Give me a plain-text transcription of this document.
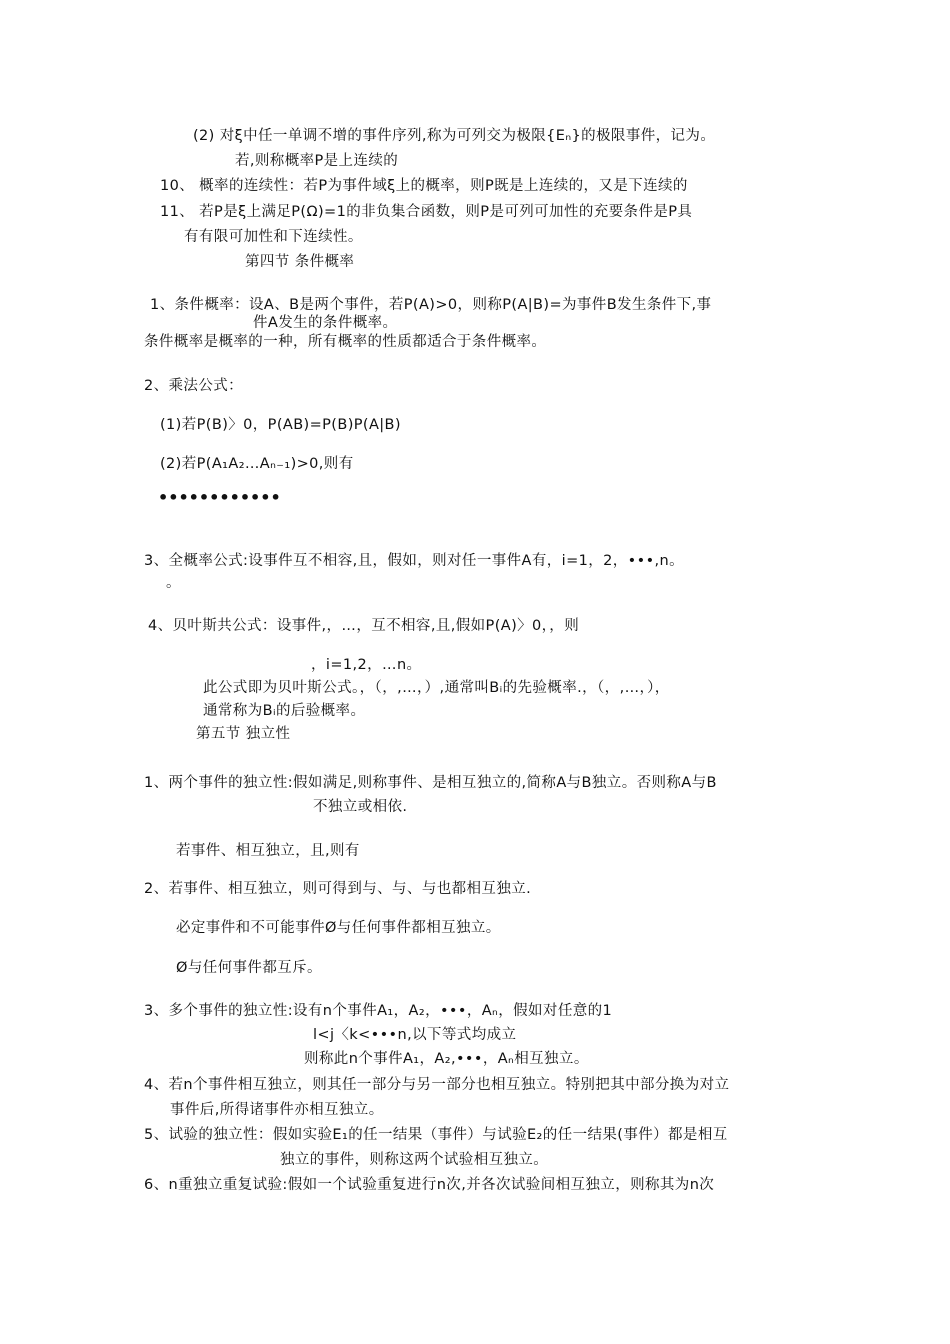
(2) 对ξ中任一单调不增的事件序列,称为可列交为极限{Eₙ}的极限事件，记为。
若,则称概率P是上连续的
10、 概率的连续性：若P为事件域ξ上的概率，则P既是上连续的，又是下连续的
11、 若P是ξ上满足P(Ω)=1的非负集合函数，则P是可列可加性的充要条件是P具
有有限可加性和下连续性。
第四节 条件概率
1、条件概率：设A、B是两个事件，若P(A)>0，则称P(A|B)=为事件B发生条件下,事
件A发生的条件概率。
条件概率是概率的一种，所有概率的性质都适合于条件概率。
2、乘法公式：
(1)若P(B)〉0，P(AB)=P(B)P(A|B)
(2)若P(A₁A₂…Aₙ₋₁)>0,则有
••••••••••••
3、全概率公式:设事件互不相容,且，假如，则对任一事件A有，i=1，2，•••,n。
。
4、贝叶斯共公式：设事件,，…，互不相容,且,假如P(A)〉0，，则
，i=1,2，…n。
此公式即为贝叶斯公式。，（，,…，）,通常叫Bᵢ的先验概率.，（，,…，），
通常称为Bᵢ的后验概率。
第五节 独立性
1、两个事件的独立性:假如满足,则称事件、是相互独立的,简称A与B独立。否则称A与B
不独立或相依.
若事件、相互独立，且,则有
2、若事件、相互独立，则可得到与、与、与也都相互独立.
必定事件和不可能事件Ø与任何事件都相互独立。
Ø与任何事件都互斥。
3、多个事件的独立性:设有n个事件A₁，A₂，•••，Aₙ，假如对任意的1
l<j〈k<•••n,以下等式均成立
则称此n个事件A₁，A₂,•••，Aₙ相互独立。
4、若n个事件相互独立，则其任一部分与另一部分也相互独立。特别把其中部分换为对立
事件后,所得诸事件亦相互独立。
5、试验的独立性：假如实验E₁的任一结果（事件）与试验E₂的任一结果(事件）都是相互
独立的事件，则称这两个试验相互独立。
6、n重独立重复试验:假如一个试验重复进行n次,并各次试验间相互独立，则称其为n次
